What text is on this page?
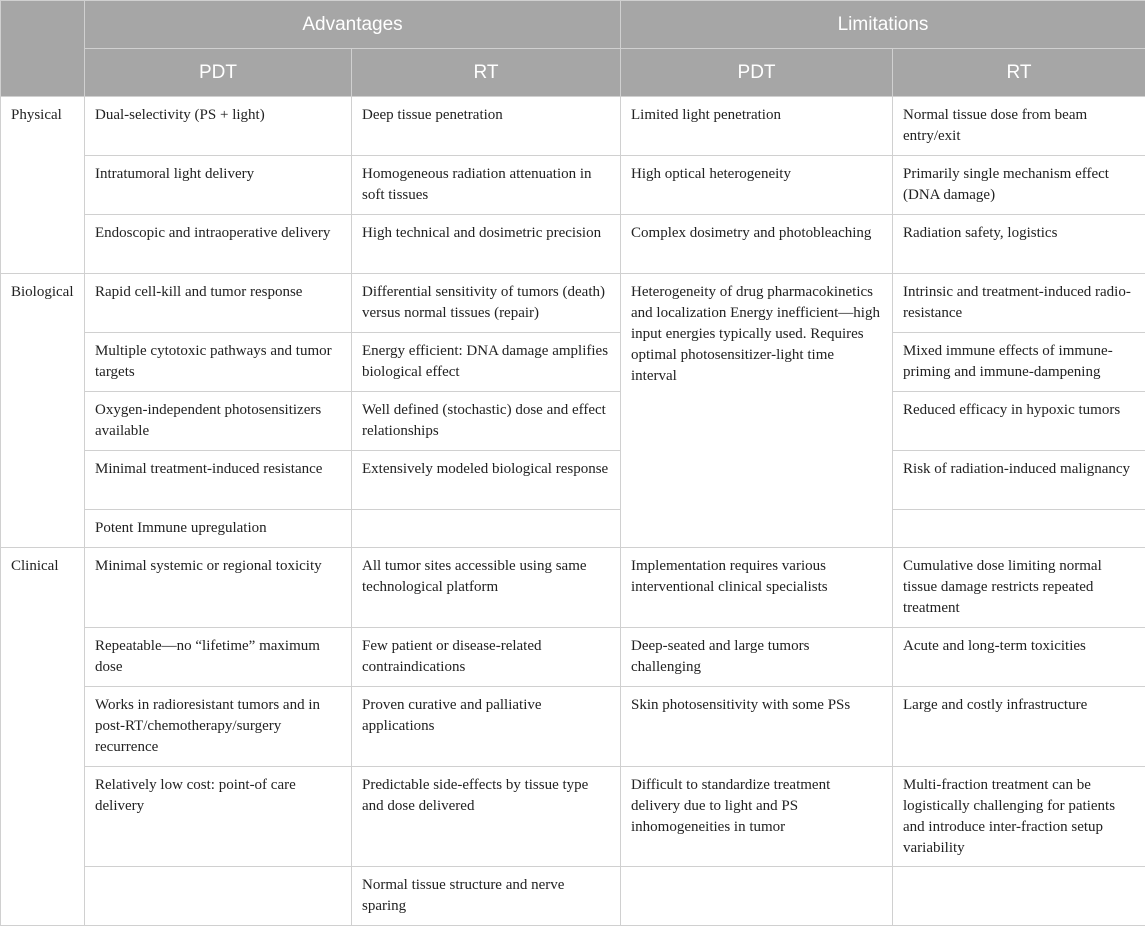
	Advantages		Limitations	
	PDT	RT	PDT	RT
Physical	Dual-selectivity (PS + light)	Deep tissue penetration	Limited light penetration	Normal tissue dose from beam entry/exit
	Intratumoral light delivery	Homogeneous radiation attenuation in soft tissues	High optical heterogeneity	Primarily single mechanism effect (DNA damage)
	Endoscopic and intraoperative delivery	High technical and dosimetric precision	Complex dosimetry and photobleaching	Radiation safety, logistics
Biological	Rapid cell-kill and tumor response	Differential sensitivity of tumors (death) versus normal tissues (repair)	Heterogeneity of drug pharmacokinetics and localization Energy inefficient—high input energies typically used. Requires optimal photosensitizer-light time interval	Intrinsic and treatment-induced radio-resistance
	Multiple cytotoxic pathways and tumor targets	Energy efficient: DNA damage amplifies biological effect		Mixed immune effects of immune-priming and immune-dampening
	Oxygen-independent photosensitizers available	Well defined (stochastic) dose and effect relationships		Reduced efficacy in hypoxic tumors
	Minimal treatment-induced resistance	Extensively modeled biological response		Risk of radiation-induced malignancy
	Potent Immune upregulation			
Clinical	Minimal systemic or regional toxicity	All tumor sites accessible using same technological platform	Implementation requires various interventional clinical specialists	Cumulative dose limiting normal tissue damage restricts repeated treatment
	Repeatable—no “lifetime” maximum dose	Few patient or disease-related contraindications	Deep-seated and large tumors challenging	Acute and long-term toxicities
	Works in radioresistant tumors and in post-RT/chemotherapy/surgery recurrence	Proven curative and palliative applications	Skin photosensitivity with some PSs	Large and costly infrastructure
	Relatively low cost: point-of care delivery	Predictable side-effects by tissue type and dose delivered	Difficult to standardize treatment delivery due to light and PS inhomogeneities in tumor	Multi-fraction treatment can be logistically challenging for patients and introduce inter-fraction setup variability
		Normal tissue structure and nerve sparing		
